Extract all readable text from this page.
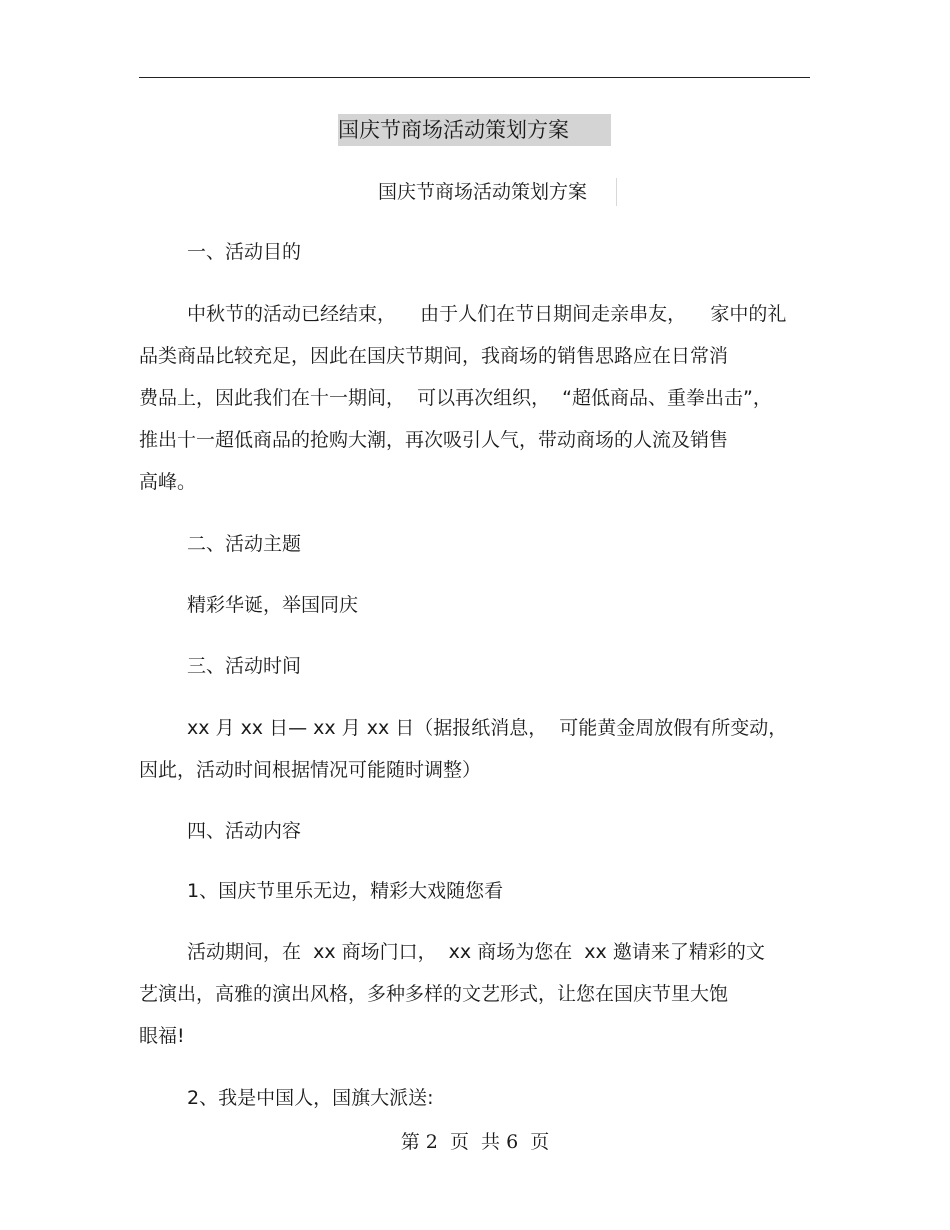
国庆节商场活动策划方案
国庆节商场活动策划方案
一、活动目的
中秋节的活动已经结束，    由于人们在节日期间走亲串友，    家中的礼
品类商品比较充足，因此在国庆节期间，我商场的销售思路应在日常消
费品上，因此我们在十一期间，  可以再次组织，  “超低商品、重拳出击”，
推出十一超低商品的抢购大潮，再次吸引人气，带动商场的人流及销售
高峰。
二、活动主题
精彩华诞，举国同庆
三、活动时间
xx 月 xx 日— xx 月 xx 日（据报纸消息，  可能黄金周放假有所变动，
因此，活动时间根据情况可能随时调整）
四、活动内容
1、国庆节里乐无边，精彩大戏随您看
活动期间，在  xx 商场门口，  xx 商场为您在  xx 邀请来了精彩的文
艺演出，高雅的演出风格，多种多样的文艺形式，让您在国庆节里大饱
眼福!
2、我是中国人，国旗大派送:
第 2  页  共 6  页
